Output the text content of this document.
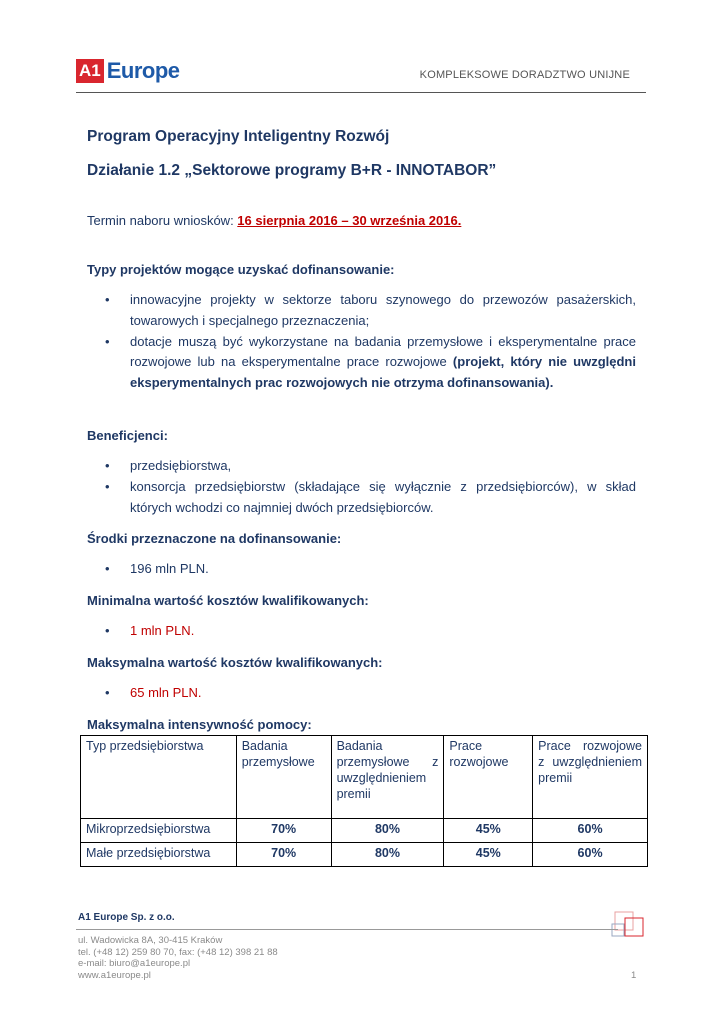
A1 Europe	KOMPLEKSOWE DORADZTWO UNIJNE
Program Operacyjny Inteligentny Rozwój
Działanie 1.2 „Sektorowe programy B+R - INNOTABOR”
Termin naboru wniosków: 16 sierpnia 2016 – 30 września 2016.
Typy projektów mogące uzyskać dofinansowanie:
• innowacyjne projekty w sektorze taboru szynowego do przewozów pasażerskich, towarowych i specjalnego przeznaczenia;
• dotacje muszą być wykorzystane na badania przemysłowe i eksperymentalne prace rozwojowe lub na eksperymentalne prace rozwojowe (projekt, który nie uwzględni eksperymentalnych prac rozwojowych nie otrzyma dofinansowania).
Beneficjenci:
• przedsiębiorstwa,
• konsorcja przedsiębiorstw (składające się wyłącznie z przedsiębiorców), w skład których wchodzi co najmniej dwóch przedsiębiorców.
Środki przeznaczone na dofinansowanie:
• 196 mln PLN.
Minimalna wartość kosztów kwalifikowanych:
• 1 mln PLN.
Maksymalna wartość kosztów kwalifikowanych:
• 65 mln PLN.
Maksymalna intensywność pomocy:
Typ przedsiębiorstwa	Badania przemysłowe	Badania przemysłowe z uwzględnieniem premii	Prace rozwojowe	Prace rozwojowe z uwzględnieniem premii
Mikroprzedsiębiorstwa	70%	80%	45%	60%
Małe przedsiębiorstwa	70%	80%	45%	60%
A1 Europe Sp. z o.o.
ul. Wadowicka 8A, 30-415 Kraków
tel. (+48 12) 259 80 70, fax: (+48 12) 398 21 88
e-mail: biuro@a1europe.pl
www.a1europe.pl	1
